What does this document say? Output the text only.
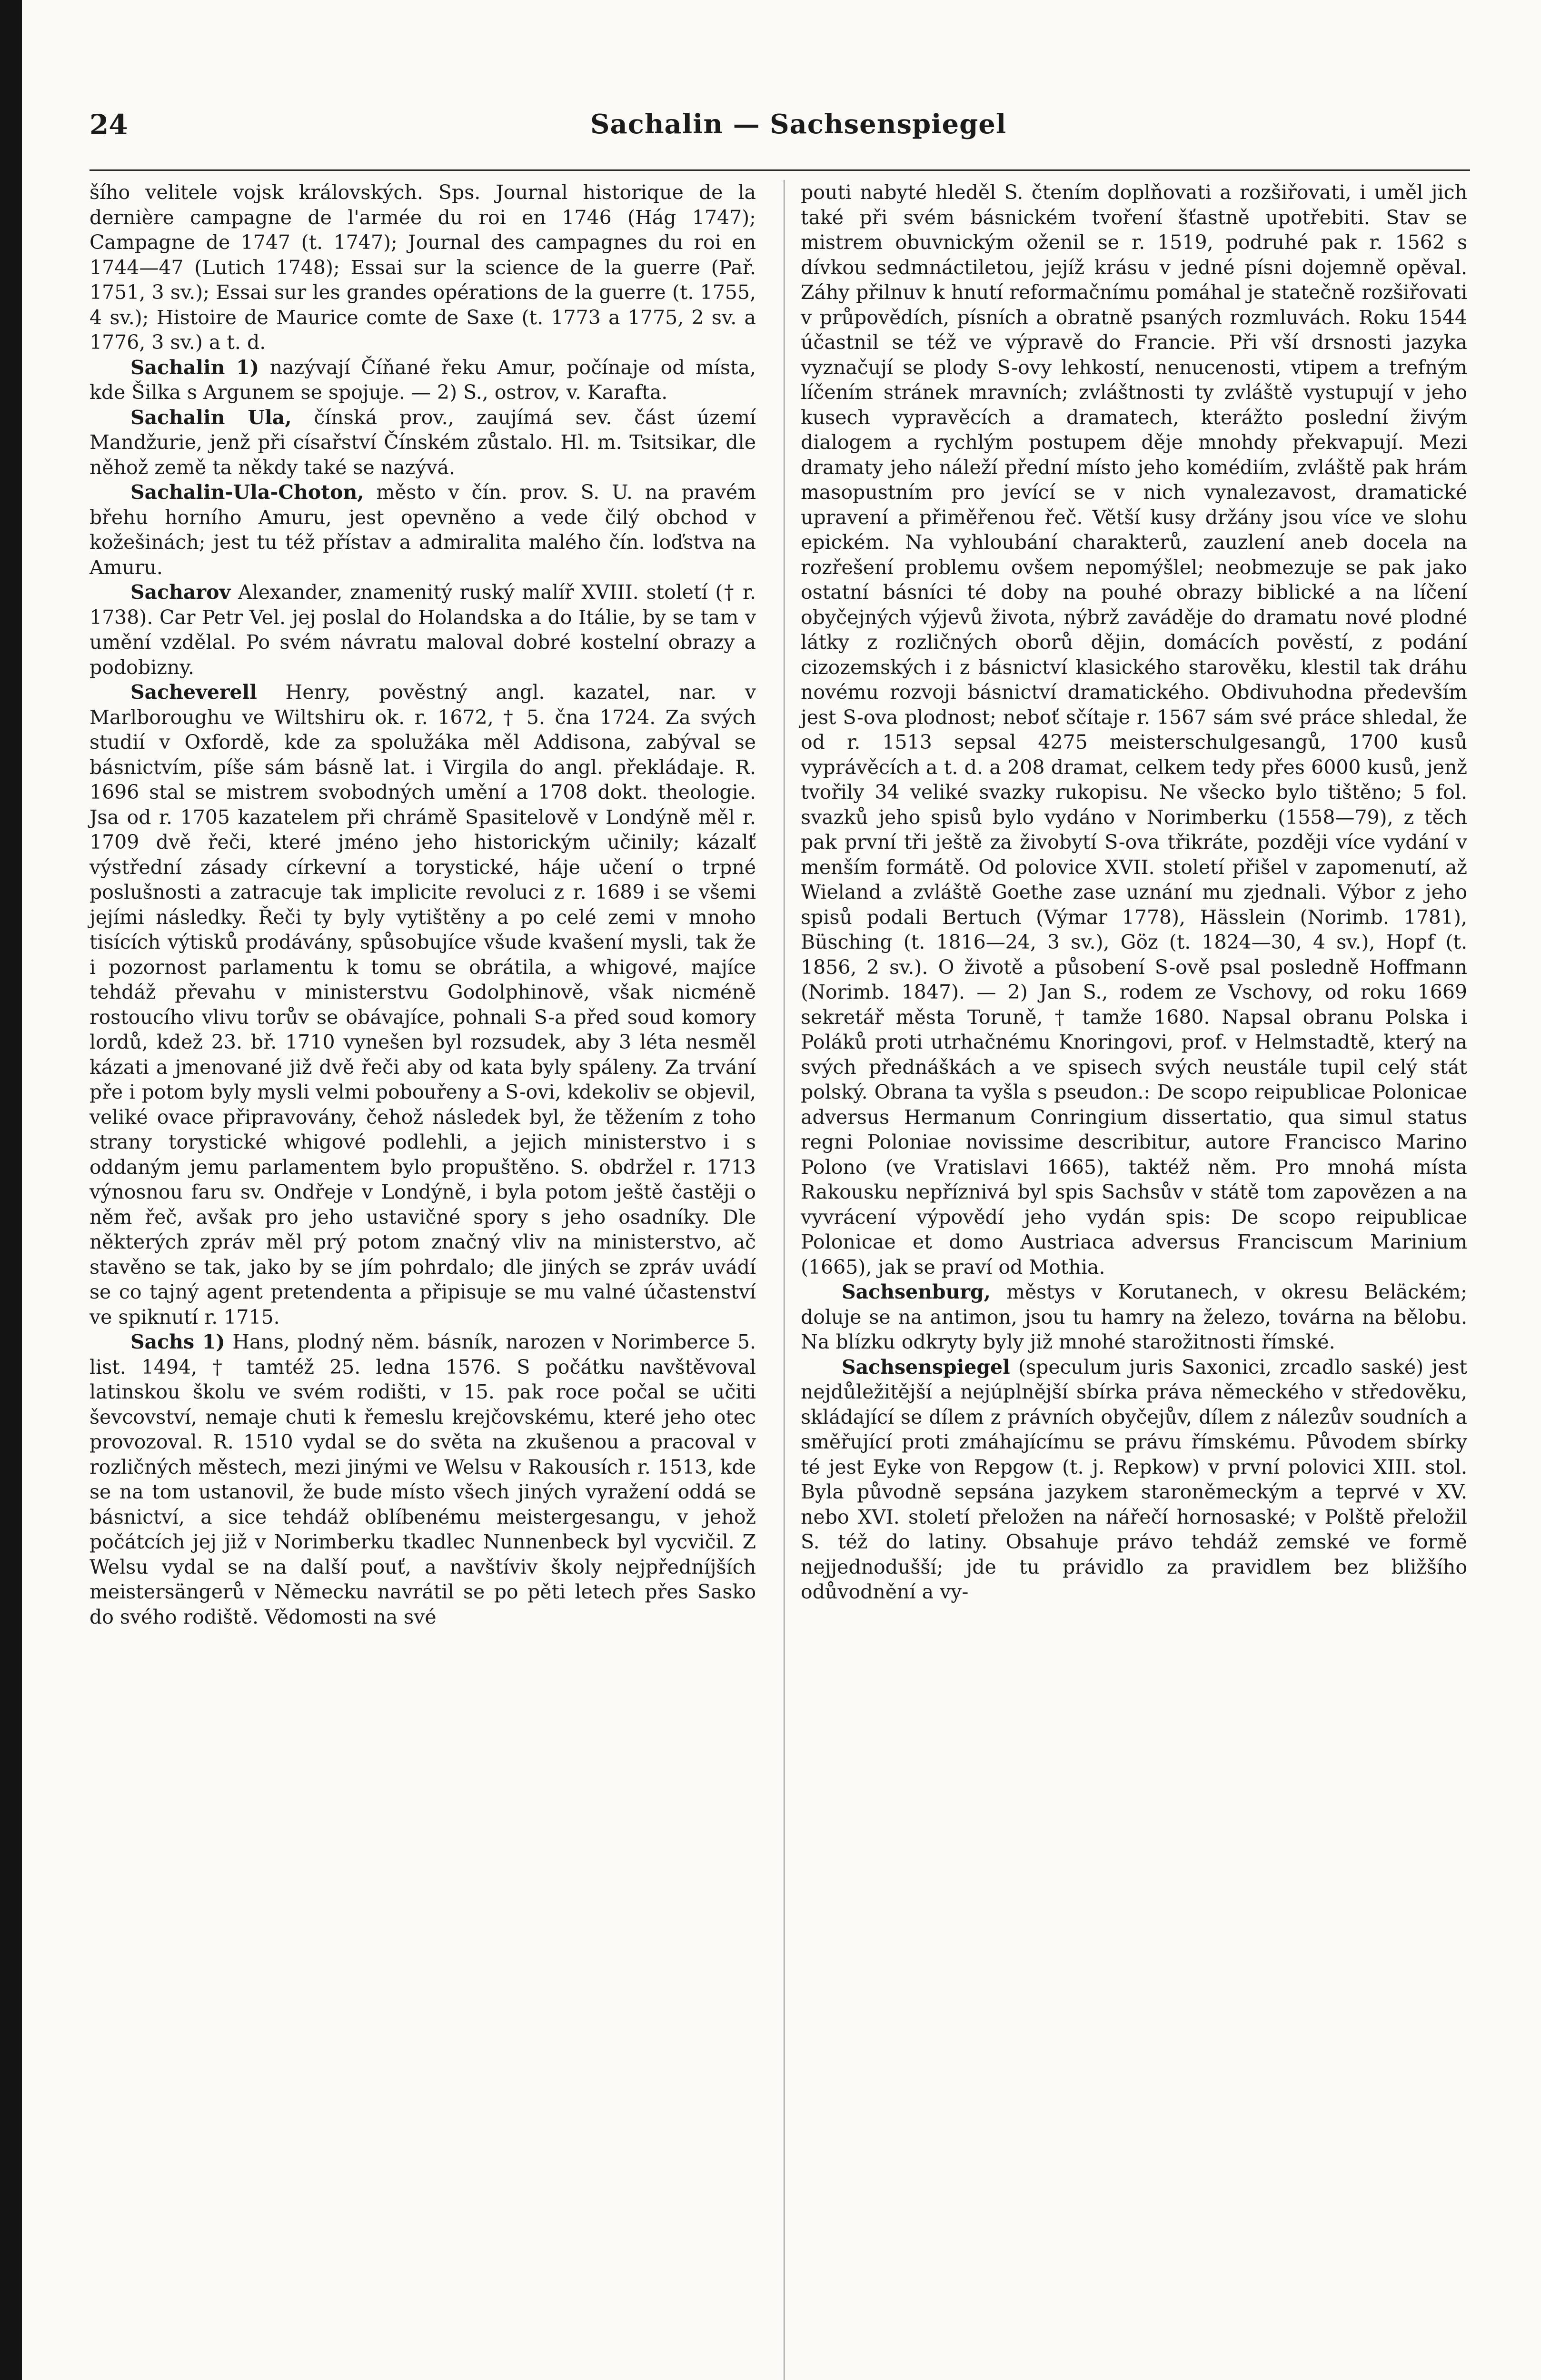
24	Sachalin — Sachsenspiegel

šího velitele vojsk královských. Sps. Journal historique de la dernière campagne de l'armée du roi en 1746 (Hág 1747); Campagne de 1747 (t. 1747); Journal des campagnes du roi en 1744—47 (Lutich 1748); Essai sur la science de la guerre (Pař. 1751, 3 sv.); Essai sur les grandes opérations de la guerre (t. 1755, 4 sv.); Histoire de Maurice comte de Saxe (t. 1773 a 1775, 2 sv. a 1776, 3 sv.) a t. d.

Sachalin 1) nazývají Číňané řeku Amur, počínaje od místa, kde Šilka s Argunem se spojuje. — 2) S., ostrov, v. Karafta.

Sachalin Ula, čínská prov., zaujímá sev. část území Mandžurie, jenž při císařství Čínském zůstalo. Hl. m. Tsitsikar, dle něhož země ta někdy také se nazývá.

Sachalin-Ula-Choton, město v čín. prov. S. U. na pravém břehu horního Amuru, jest opevněno a vede čilý obchod v kožešinách; jest tu též přístav a admiralita malého čín. loďstva na Amuru.

Sacharov Alexander, znamenitý ruský malíř XVIII. století († r. 1738). Car Petr Vel. jej poslal do Holandska a do Itálie, by se tam v umění vzdělal. Po svém návratu maloval dobré kostelní obrazy a podobizny.

Sacheverell Henry, pověstný angl. kazatel, nar. v Marlboroughu ve Wiltshiru ok. r. 1672, † 5. čna 1724. Za svých studií v Oxfordě, kde za spolužáka měl Addisona, zabýval se básnictvím, píše sám básně lat. i Virgila do angl. překládaje. R. 1696 stal se mistrem svobodných umění a 1708 dokt. theologie. Jsa od r. 1705 kazatelem při chrámě Spasitelově v Londýně měl r. 1709 dvě řeči, které jméno jeho historickým učinily; kázalť výstřední zásady církevní a torystické, háje učení o trpné poslušnosti a zatracuje tak implicite revoluci z r. 1689 i se všemi jejími následky. Řeči ty byly vytištěny a po celé zemi v mnoho tisících výtisků prodávány, spůsobujíce všude kvašení mysli, tak že i pozornost parlamentu k tomu se obrátila, a whigové, majíce tehdáž převahu v ministerstvu Godolphinově, však nicméně rostoucího vlivu torův se obávajíce, pohnali S-a před soud komory lordů, kdež 23. bř. 1710 vynešen byl rozsudek, aby 3 léta nesměl kázati a jmenované již dvě řeči aby od kata byly spáleny. Za trvání pře i potom byly mysli velmi pobouřeny a S-ovi, kdekoliv se objevil, veliké ovace připravovány, čehož následek byl, že těžením z toho strany torystické whigové podlehli, a jejich ministerstvo i s oddaným jemu parlamentem bylo propuštěno. S. obdržel r. 1713 výnosnou faru sv. Ondřeje v Londýně, i byla potom ještě častěji o něm řeč, avšak pro jeho ustavičné spory s jeho osadníky. Dle některých zpráv měl prý potom značný vliv na ministerstvo, ač stavěno se tak, jako by se jím pohrdalo; dle jiných se zpráv uvádí se co tajný agent pretendenta a připisuje se mu valné účastenství ve spiknutí r. 1715.

Sachs 1) Hans, plodný něm. básník, narozen v Norimberce 5. list. 1494, † tamtéž 25. ledna 1576. S počátku navštěvoval latinskou školu ve svém rodišti, v 15. pak roce počal se učiti ševcovství, nemaje chuti k řemeslu krejčovskému, které jeho otec provozoval. R. 1510 vydal se do světa na zkušenou a pracoval v rozličných městech, mezi jinými ve Welsu v Rakousích r. 1513, kde se na tom ustanovil, že bude místo všech jiných vyražení oddá se básnictví, a sice tehdáž oblíbenému meistergesangu, v jehož počátcích jej již v Norimberku tkadlec Nunnenbeck byl vycvičil. Z Welsu vydal se na další pouť, a navštíviv školy nejpředníjších meistersängerů v Německu navrátil se po pěti letech přes Sasko do svého rodiště. Vědomosti na své

pouti nabyté hleděl S. čtením doplňovati a rozšiřovati, i uměl jich také při svém básnickém tvoření šťastně upotřebiti. Stav se mistrem obuvnickým oženil se r. 1519, podruhé pak r. 1562 s dívkou sedmnáctiletou, jejíž krásu v jedné písni dojemně opěval. Záhy přilnuv k hnutí reformačnímu pomáhal je statečně rozšiřovati v průpovědích, písních a obratně psaných rozmluvách. Roku 1544 účastnil se též ve výpravě do Francie. Při vší drsnosti jazyka vyznačují se plody S-ovy lehkostí, nenucenosti, vtipem a trefným líčením stránek mravních; zvláštnosti ty zvláště vystupují v jeho kusech vypravěcích a dramatech, kterážto poslední živým dialogem a rychlým postupem děje mnohdy překvapují. Mezi dramaty jeho náleží přední místo jeho komédiím, zvláště pak hrám masopustním pro jevící se v nich vynalezavost, dramatické upravení a přiměřenou řeč. Větší kusy držány jsou více ve slohu epickém. Na vyhloubání charakterů, zauzlení aneb docela na rozřešení problemu ovšem nepomýšlel; neobmezuje se pak jako ostatní básníci té doby na pouhé obrazy biblické a na líčení obyčejných výjevů života, nýbrž zaváděje do dramatu nové plodné látky z rozličných oborů dějin, domácích pověstí, z podání cizozemských i z básnictví klasického starověku, klestil tak dráhu novému rozvoji básnictví dramatického. Obdivuhodna především jest S-ova plodnost; neboť sčítaje r. 1567 sám své práce shledal, že od r. 1513 sepsal 4275 meisterschulgesangů, 1700 kusů vyprávěcích a t. d. a 208 dramat, celkem tedy přes 6000 kusů, jenž tvořily 34 veliké svazky rukopisu. Ne všecko bylo tištěno; 5 fol. svazků jeho spisů bylo vydáno v Norimberku (1558—79), z těch pak první tři ještě za živobytí S-ova třikráte, později více vydání v menším formátě. Od polovice XVII. století přišel v zapomenutí, až Wieland a zvláště Goethe zase uznání mu zjednali. Výbor z jeho spisů podali Bertuch (Výmar 1778), Hässlein (Norimb. 1781), Büsching (t. 1816—24, 3 sv.), Göz (t. 1824—30, 4 sv.), Hopf (t. 1856, 2 sv.). O životě a působení S-ově psal posledně Hoffmann (Norimb. 1847). — 2) Jan S., rodem ze Vschovy, od roku 1669 sekretář města Toruně, † tamže 1680. Napsal obranu Polska i Poláků proti utrhačnému Knoringovi, prof. v Helmstadtě, který na svých přednáškách a ve spisech svých neustále tupil celý stát polský. Obrana ta vyšla s pseudon.: De scopo reipublicae Polonicae adversus Hermanum Conringium dissertatio, qua simul status regni Poloniae novissime describitur, autore Francisco Marino Polono (ve Vratislavi 1665), taktéž něm. Pro mnohá místa Rakousku nepříznivá byl spis Sachsův v státě tom zapovězen a na vyvrácení výpovědí jeho vydán spis: De scopo reipublicae Polonicae et domo Austriaca adversus Franciscum Marinium (1665), jak se praví od Mothia.

Sachsenburg, městys v Korutanech, v okresu Beläckém; doluje se na antimon, jsou tu hamry na železo, továrna na bělobu. Na blízku odkryty byly již mnohé starožitnosti římské.

Sachsenspiegel (speculum juris Saxonici, zrcadlo saské) jest nejdůležitější a nejúplnější sbírka práva německého v středověku, skládající se dílem z právních obyčejův, dílem z nálezův soudních a směřující proti zmáhajícímu se právu římskému. Původem sbírky té jest Eyke von Repgow (t. j. Repkow) v první polovici XIII. stol. Byla původně sepsána jazykem staroněmeckým a teprvé v XV. nebo XVI. století přeložen na nářečí hornosaské; v Polště přeložil S. též do latiny. Obsahuje právo tehdáž zemské ve formě nejjednodušší; jde tu právidlo za pravidlem bez bližšího odůvodnění a vy-
